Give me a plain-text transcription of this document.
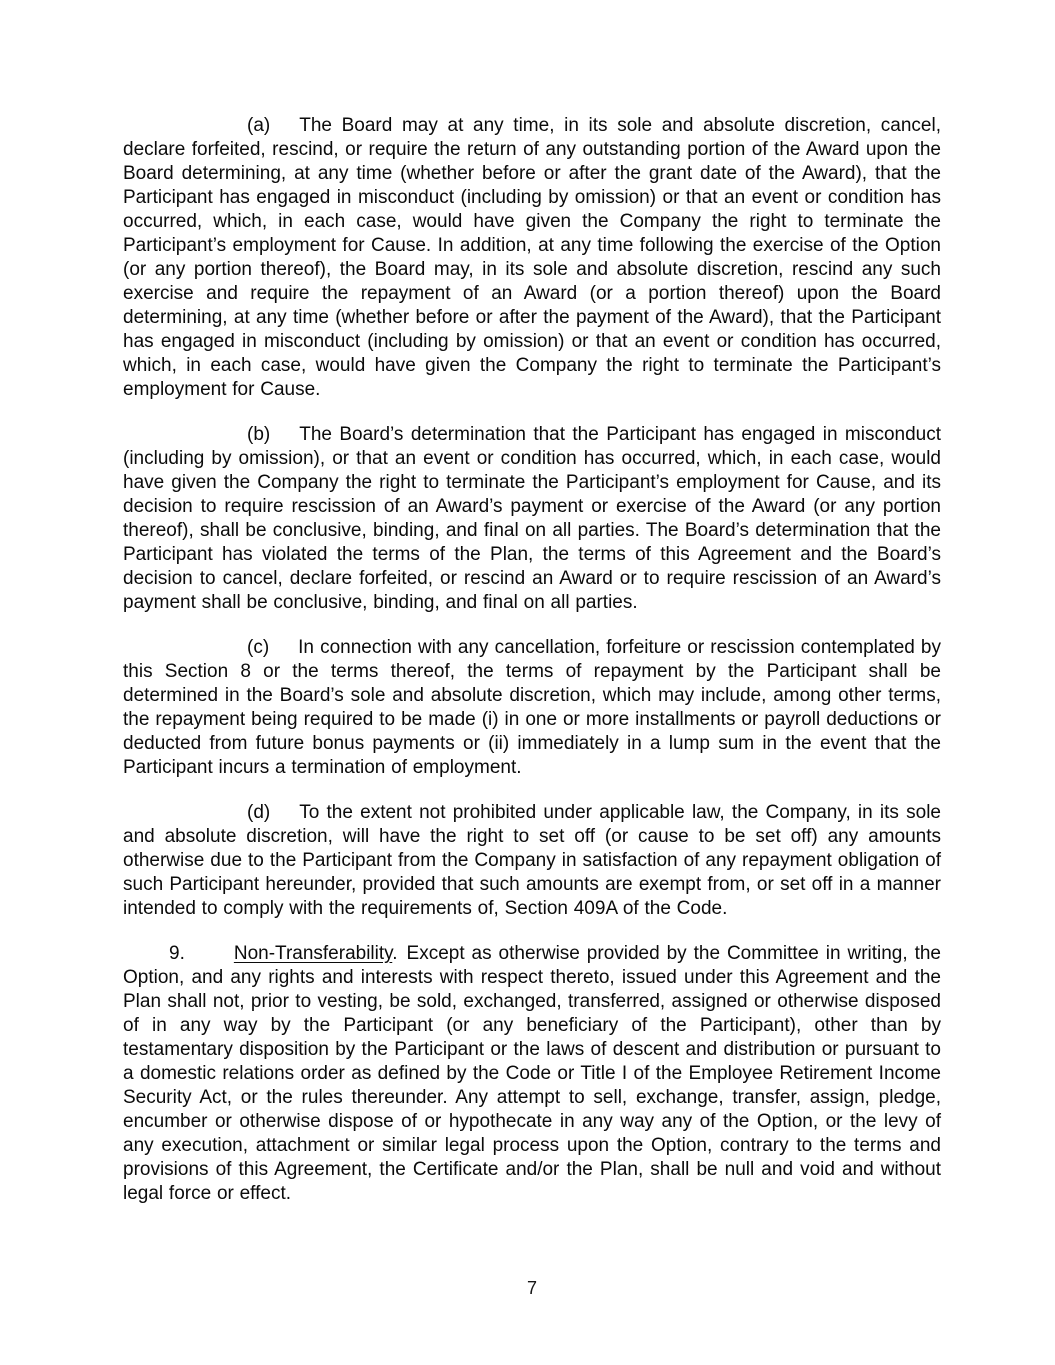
(a) The Board may at any time, in its sole and absolute discretion, cancel, declare forfeited, rescind, or require the return of any outstanding portion of the Award upon the Board determining, at any time (whether before or after the grant date of the Award), that the Participant has engaged in misconduct (including by omission) or that an event or condition has occurred, which, in each case, would have given the Company the right to terminate the Participant’s employment for Cause. In addition, at any time following the exercise of the Option (or any portion thereof), the Board may, in its sole and absolute discretion, rescind any such exercise and require the repayment of an Award (or a portion thereof) upon the Board determining, at any time (whether before or after the payment of the Award), that the Participant has engaged in misconduct (including by omission) or that an event or condition has occurred, which, in each case, would have given the Company the right to terminate the Participant’s employment for Cause.

(b) The Board’s determination that the Participant has engaged in misconduct (including by omission), or that an event or condition has occurred, which, in each case, would have given the Company the right to terminate the Participant’s employment for Cause, and its decision to require rescission of an Award’s payment or exercise of the Award (or any portion thereof), shall be conclusive, binding, and final on all parties. The Board’s determination that the Participant has violated the terms of the Plan, the terms of this Agreement and the Board’s decision to cancel, declare forfeited, or rescind an Award or to require rescission of an Award’s payment shall be conclusive, binding, and final on all parties.

(c) In connection with any cancellation, forfeiture or rescission contemplated by this Section 8 or the terms thereof, the terms of repayment by the Participant shall be determined in the Board’s sole and absolute discretion, which may include, among other terms, the repayment being required to be made (i) in one or more installments or payroll deductions or deducted from future bonus payments or (ii) immediately in a lump sum in the event that the Participant incurs a termination of employment.

(d) To the extent not prohibited under applicable law, the Company, in its sole and absolute discretion, will have the right to set off (or cause to be set off) any amounts otherwise due to the Participant from the Company in satisfaction of any repayment obligation of such Participant hereunder, provided that such amounts are exempt from, or set off in a manner intended to comply with the requirements of, Section 409A of the Code.

9.	Non-Transferability. Except as otherwise provided by the Committee in writing, the Option, and any rights and interests with respect thereto, issued under this Agreement and the Plan shall not, prior to vesting, be sold, exchanged, transferred, assigned or otherwise disposed of in any way by the Participant (or any beneficiary of the Participant), other than by testamentary disposition by the Participant or the laws of descent and distribution or pursuant to a domestic relations order as defined by the Code or Title I of the Employee Retirement Income Security Act, or the rules thereunder. Any attempt to sell, exchange, transfer, assign, pledge, encumber or otherwise dispose of or hypothecate in any way any of the Option, or the levy of any execution, attachment or similar legal process upon the Option, contrary to the terms and provisions of this Agreement, the Certificate and/or the Plan, shall be null and void and without legal force or effect.

7
